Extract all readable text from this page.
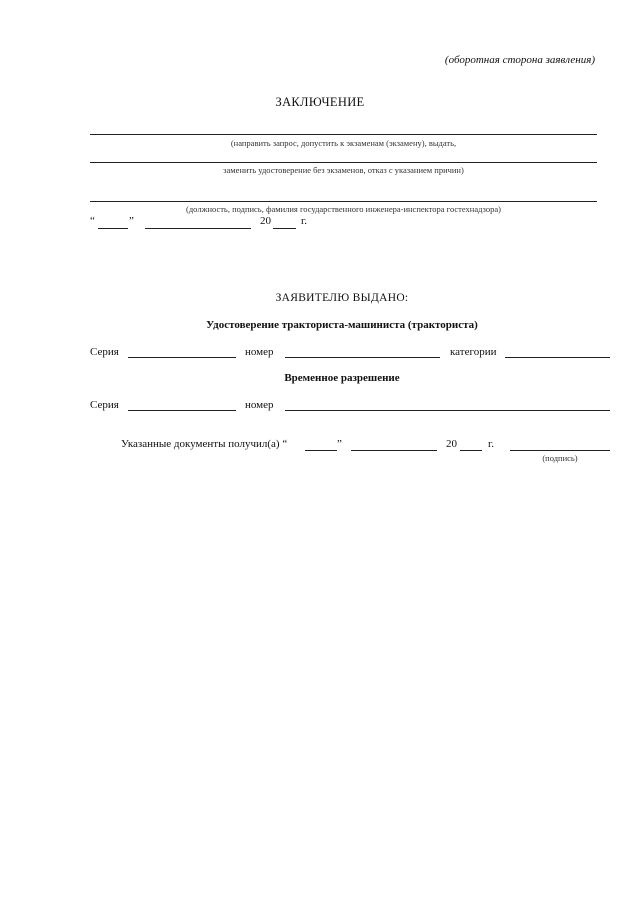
(оборотная сторона заявления)
ЗАКЛЮЧЕНИЕ
(направить запрос, допустить к экзаменам (экзамену), выдать,
заменить удостоверение без экзаменов, отказ с указанием причин)
(должность, подпись, фамилия государственного инженера-инспектора гостехнадзора)
“	”	20	г.
ЗАЯВИТЕЛЮ ВЫДАНО:
Удостоверение тракториста-машиниста (тракториста)
Серия	номер	категории
Временное разрешение
Серия	номер
Указанные документы получил(а) “	”	20	г.
(подпись)
